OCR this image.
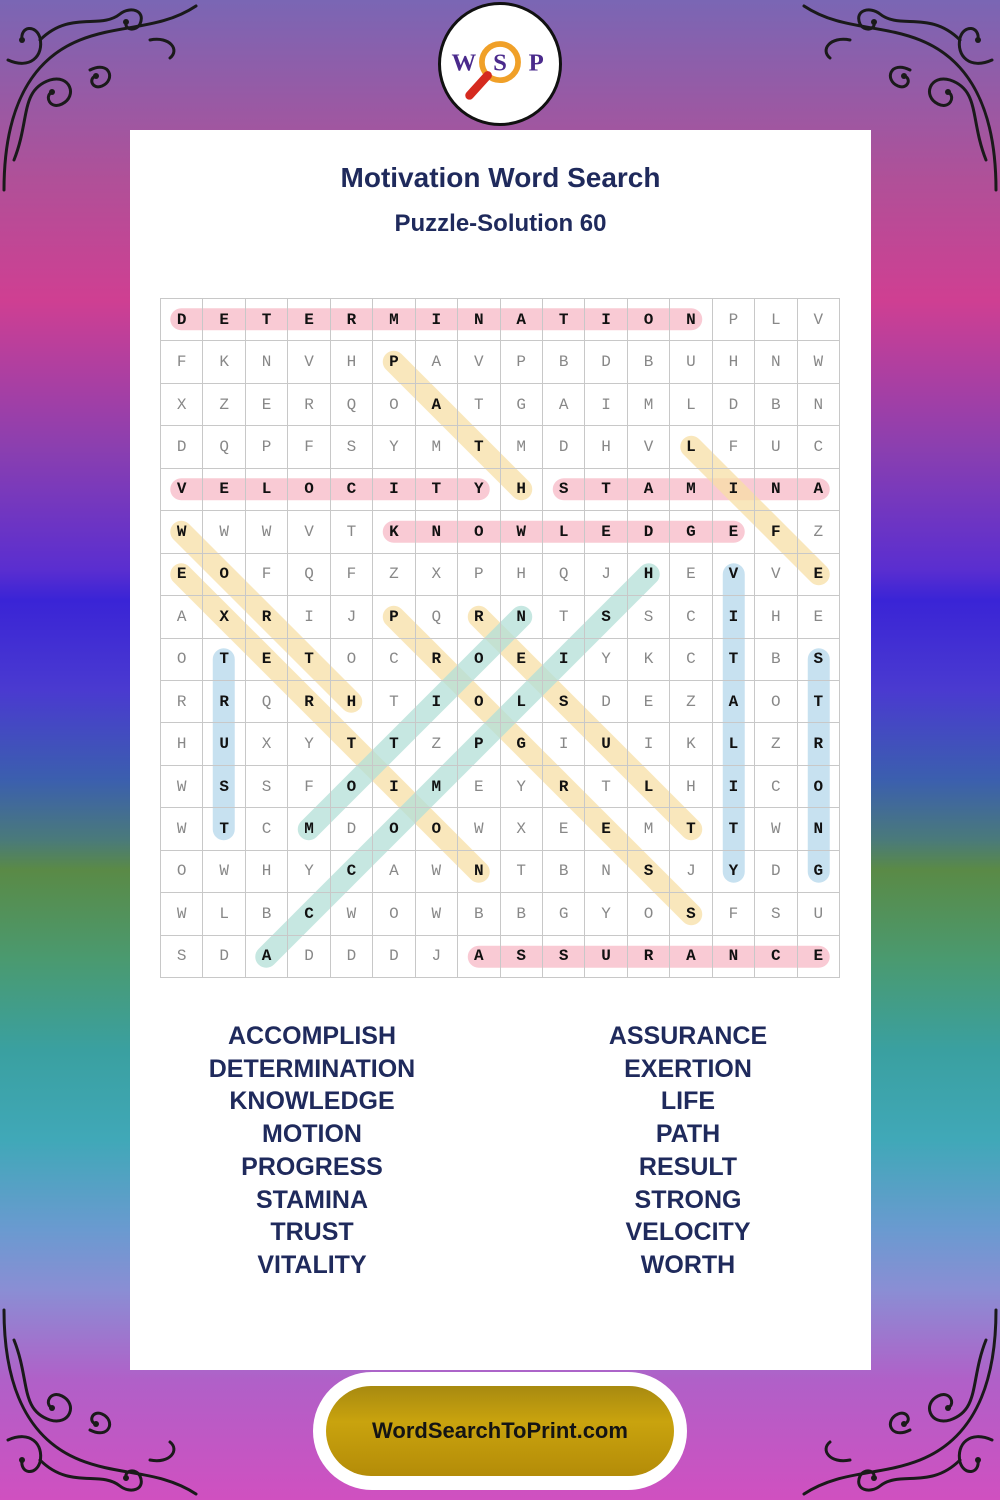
W S P
Motivation Word Search
Puzzle-Solution 60
D	E	T	E	R	M	I	N	A	T	I	O	N	P	L	V
F	K	N	V	H	P	A	V	P	B	D	B	U	H	N	W
X	Z	E	R	Q	O	A	T	G	A	I	M	L	D	B	N
D	Q	P	F	S	Y	M	T	M	D	H	V	L	F	U	C
V	E	L	O	C	I	T	Y	H	S	T	A	M	I	N	A
W	W	W	V	T	K	N	O	W	L	E	D	G	E	F	Z
E	O	F	Q	F	Z	X	P	H	Q	J	H	E	V	V	E
A	X	R	I	J	P	Q	R	N	T	S	S	C	I	H	E
O	T	E	T	O	C	R	O	E	I	Y	K	C	T	B	S
R	R	Q	R	H	T	I	O	L	S	D	E	Z	A	O	T
H	U	X	Y	T	T	Z	P	G	I	U	I	K	L	Z	R
W	S	S	F	O	I	M	E	Y	R	T	L	H	I	C	O
W	T	C	M	D	O	O	W	X	E	E	M	T	T	W	N
O	W	H	Y	C	A	W	N	T	B	N	S	J	Y	D	G
W	L	B	C	W	O	W	B	B	G	Y	O	S	F	S	U
S	D	A	D	D	D	J	A	S	S	U	R	A	N	C	E
ACCOMPLISH
DETERMINATION
KNOWLEDGE
MOTION
PROGRESS
STAMINA
TRUST
VITALITY
ASSURANCE
EXERTION
LIFE
PATH
RESULT
STRONG
VELOCITY
WORTH
WordSearchToPrint.com
